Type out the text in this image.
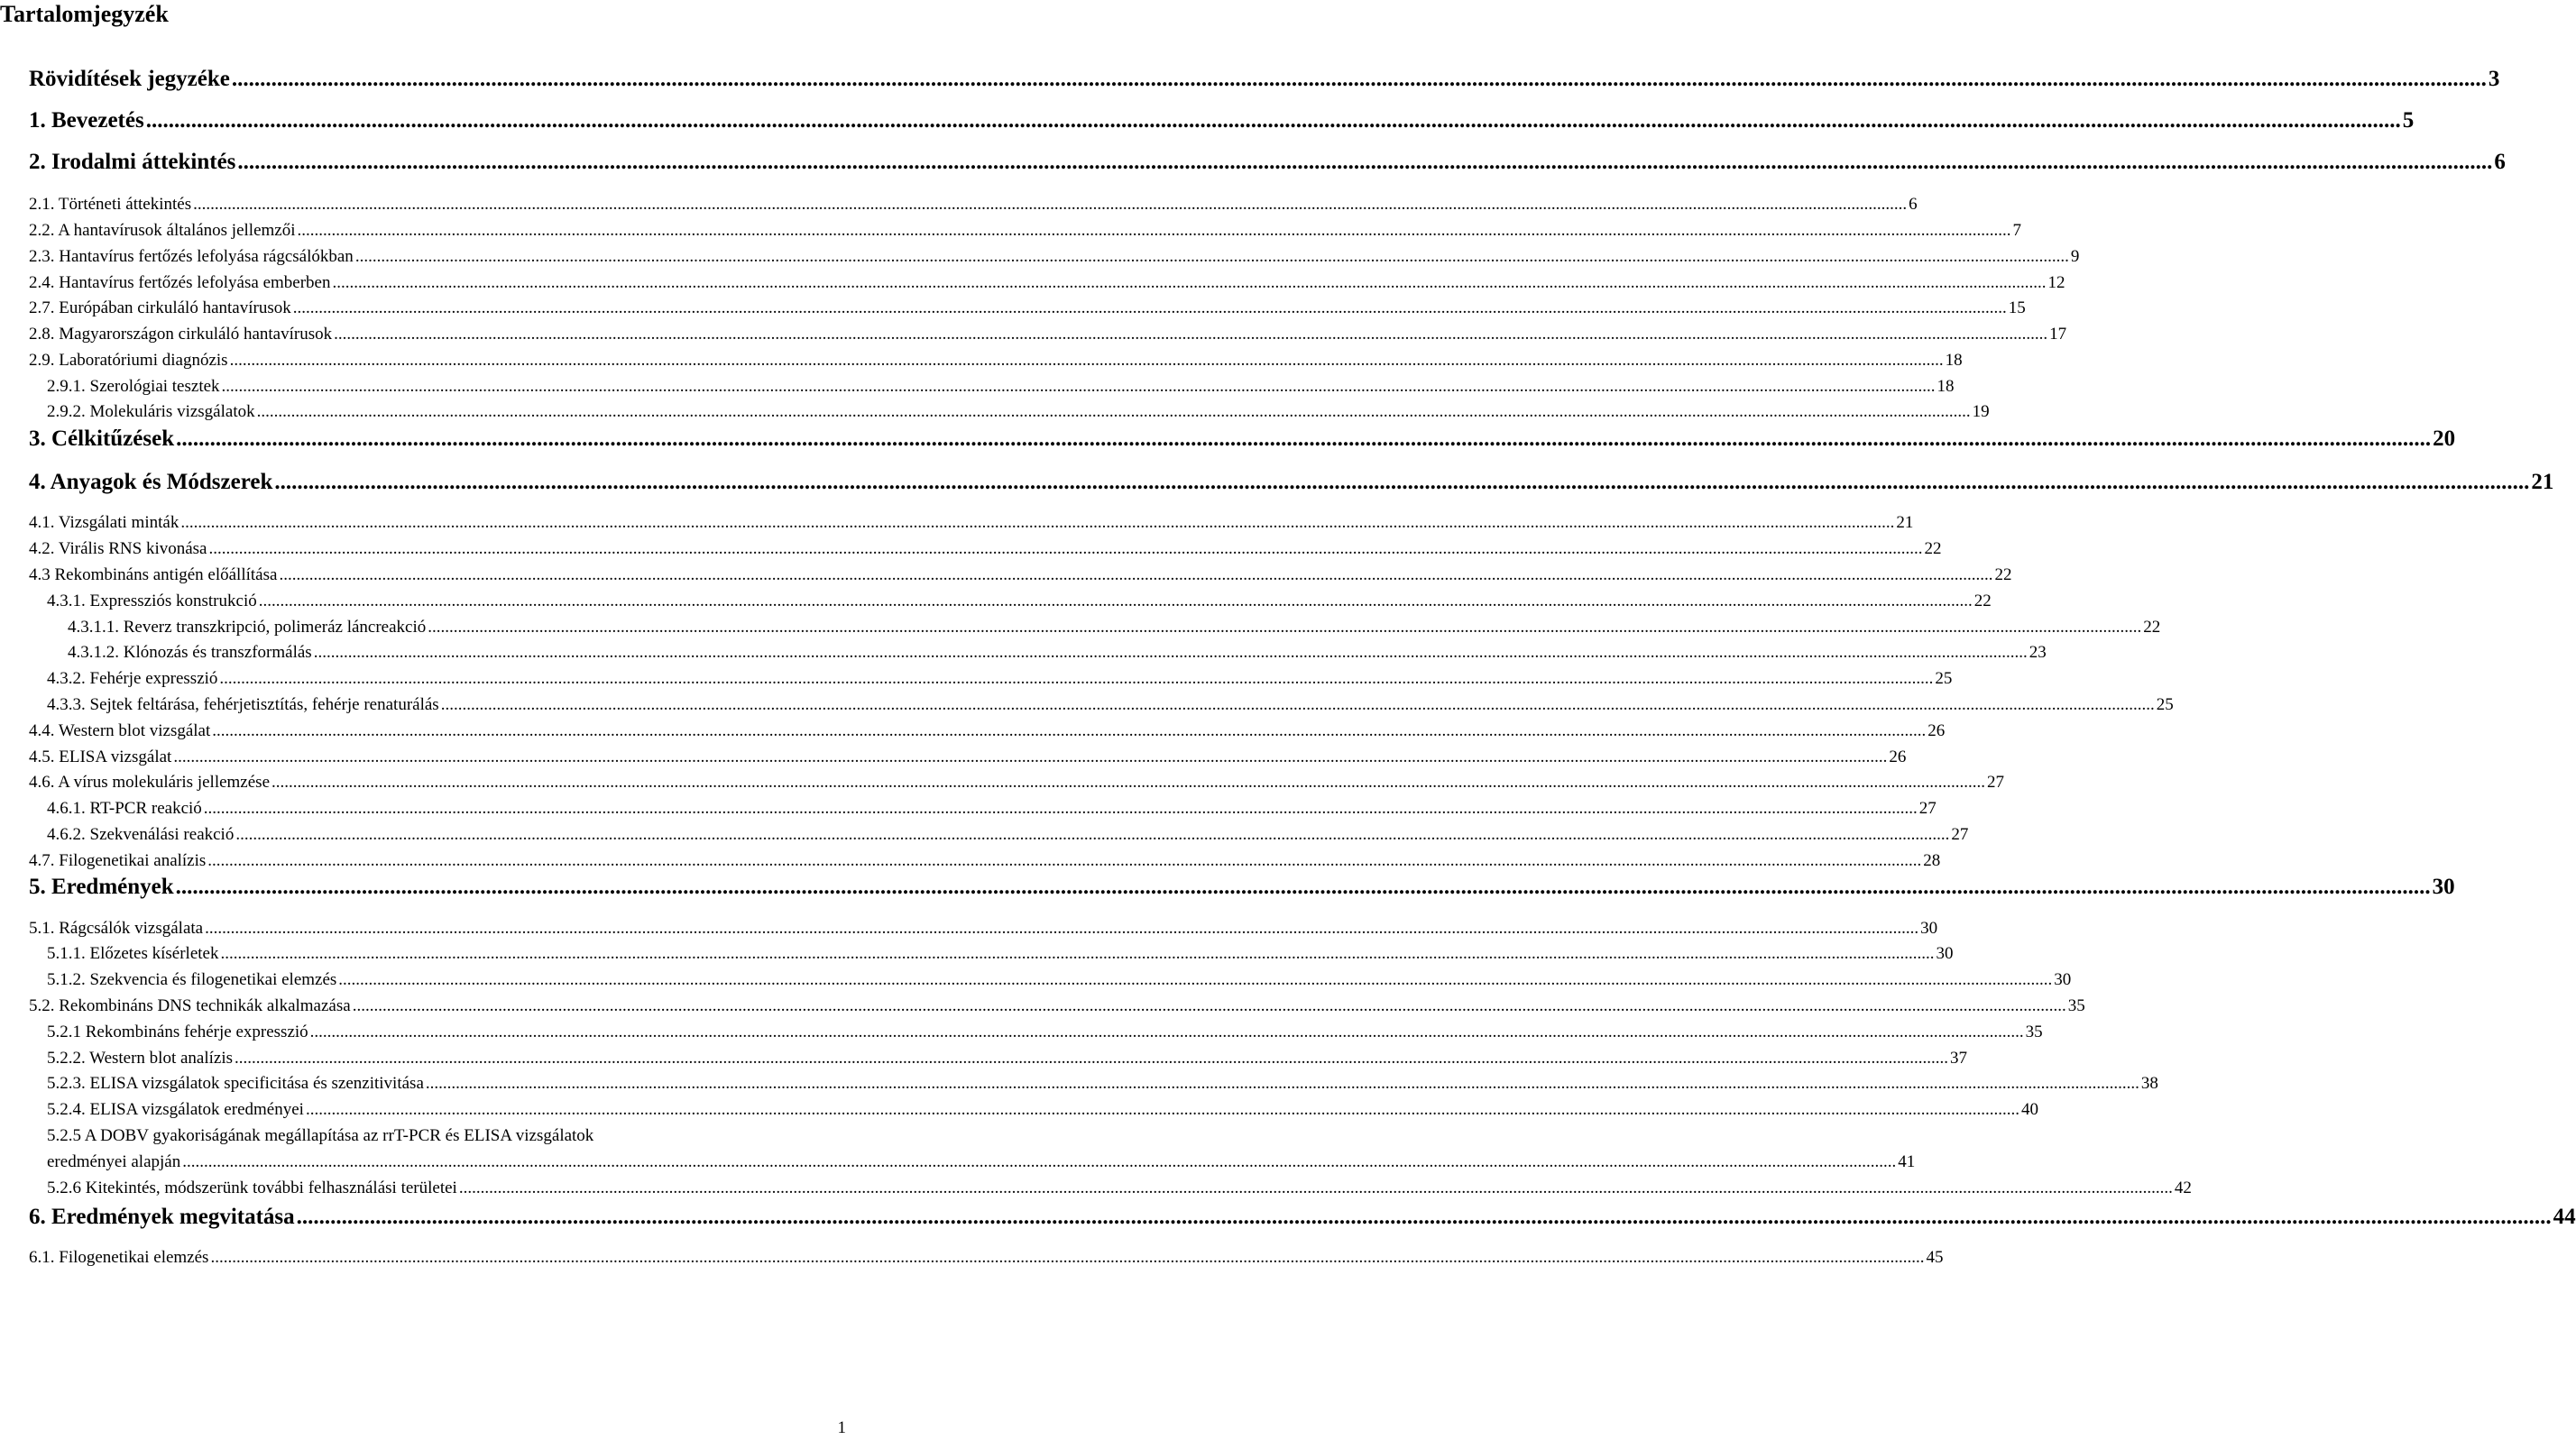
Tartalomjegyzék
Rövidítések jegyzéke ................................................................................................................................................................................................................................................................................................................................................................................................................ 3
1. Bevezetés ................................................................................................................................................................................................................................................................................................................................................................................................................ 5
2. Irodalmi áttekintés ................................................................................................................................................................................................................................................................................................................................................................................................................ 6
2.1. Történeti áttekintés ................................................................................................................................................................................................................................................................................................................................................................................................................ 6
2.2. A hantavírusok általános jellemzői ................................................................................................................................................................................................................................................................................................................................................................................................................ 7
2.3. Hantavírus fertőzés lefolyása rágcsálókban ................................................................................................................................................................................................................................................................................................................................................................................................................ 9
2.4. Hantavírus fertőzés lefolyása emberben ................................................................................................................................................................................................................................................................................................................................................................................................................ 12
2.7. Európában cirkuláló hantavírusok ................................................................................................................................................................................................................................................................................................................................................................................................................ 15
2.8. Magyarországon cirkuláló hantavírusok ................................................................................................................................................................................................................................................................................................................................................................................................................ 17
2.9. Laboratóriumi diagnózis ................................................................................................................................................................................................................................................................................................................................................................................................................ 18
2.9.1. Szerológiai tesztek ................................................................................................................................................................................................................................................................................................................................................................................................................ 18
2.9.2. Molekuláris vizsgálatok ................................................................................................................................................................................................................................................................................................................................................................................................................ 19
3. Célkitűzések ................................................................................................................................................................................................................................................................................................................................................................................................................ 20
4. Anyagok és Módszerek ................................................................................................................................................................................................................................................................................................................................................................................................................ 21
4.1. Vizsgálati minták ................................................................................................................................................................................................................................................................................................................................................................................................................ 21
4.2. Virális RNS kivonása ................................................................................................................................................................................................................................................................................................................................................................................................................ 22
4.3 Rekombináns antigén előállítása ................................................................................................................................................................................................................................................................................................................................................................................................................ 22
4.3.1. Expressziós konstrukció ................................................................................................................................................................................................................................................................................................................................................................................................................ 22
4.3.1.1. Reverz transzkripció, polimeráz láncreakció ................................................................................................................................................................................................................................................................................................................................................................................................................ 22
4.3.1.2. Klónozás és transzformálás ................................................................................................................................................................................................................................................................................................................................................................................................................ 23
4.3.2. Fehérje expresszió ................................................................................................................................................................................................................................................................................................................................................................................................................ 25
4.3.3. Sejtek feltárása, fehérjetisztítás, fehérje renaturálás ................................................................................................................................................................................................................................................................................................................................................................................................................ 25
4.4. Western blot vizsgálat ................................................................................................................................................................................................................................................................................................................................................................................................................ 26
4.5. ELISA vizsgálat ................................................................................................................................................................................................................................................................................................................................................................................................................ 26
4.6. A vírus molekuláris jellemzése ................................................................................................................................................................................................................................................................................................................................................................................................................ 27
4.6.1. RT-PCR reakció ................................................................................................................................................................................................................................................................................................................................................................................................................ 27
4.6.2. Szekvenálási reakció ................................................................................................................................................................................................................................................................................................................................................................................................................ 27
4.7. Filogenetikai analízis ................................................................................................................................................................................................................................................................................................................................................................................................................ 28
5. Eredmények ................................................................................................................................................................................................................................................................................................................................................................................................................ 30
5.1. Rágcsálók vizsgálata ................................................................................................................................................................................................................................................................................................................................................................................................................ 30
5.1.1. Előzetes kísérletek ................................................................................................................................................................................................................................................................................................................................................................................................................ 30
5.1.2. Szekvencia és filogenetikai elemzés ................................................................................................................................................................................................................................................................................................................................................................................................................ 30
5.2. Rekombináns DNS technikák alkalmazása ................................................................................................................................................................................................................................................................................................................................................................................................................ 35
5.2.1 Rekombináns fehérje expresszió ................................................................................................................................................................................................................................................................................................................................................................................................................ 35
5.2.2. Western blot analízis ................................................................................................................................................................................................................................................................................................................................................................................................................ 37
5.2.3. ELISA vizsgálatok specificitása és szenzitivitása ................................................................................................................................................................................................................................................................................................................................................................................................................ 38
5.2.4. ELISA vizsgálatok eredményei ................................................................................................................................................................................................................................................................................................................................................................................................................ 40
5.2.5 A DOBV gyakoriságának megállapítása az rrT-PCR és ELISA vizsgálatok
eredményei alapján ................................................................................................................................................................................................................................................................................................................................................................................................................ 41
5.2.6 Kitekintés, módszerünk további felhasználási területei ................................................................................................................................................................................................................................................................................................................................................................................................................ 42
6. Eredmények megvitatása ................................................................................................................................................................................................................................................................................................................................................................................................................ 44
6.1. Filogenetikai elemzés ................................................................................................................................................................................................................................................................................................................................................................................................................ 45
1
